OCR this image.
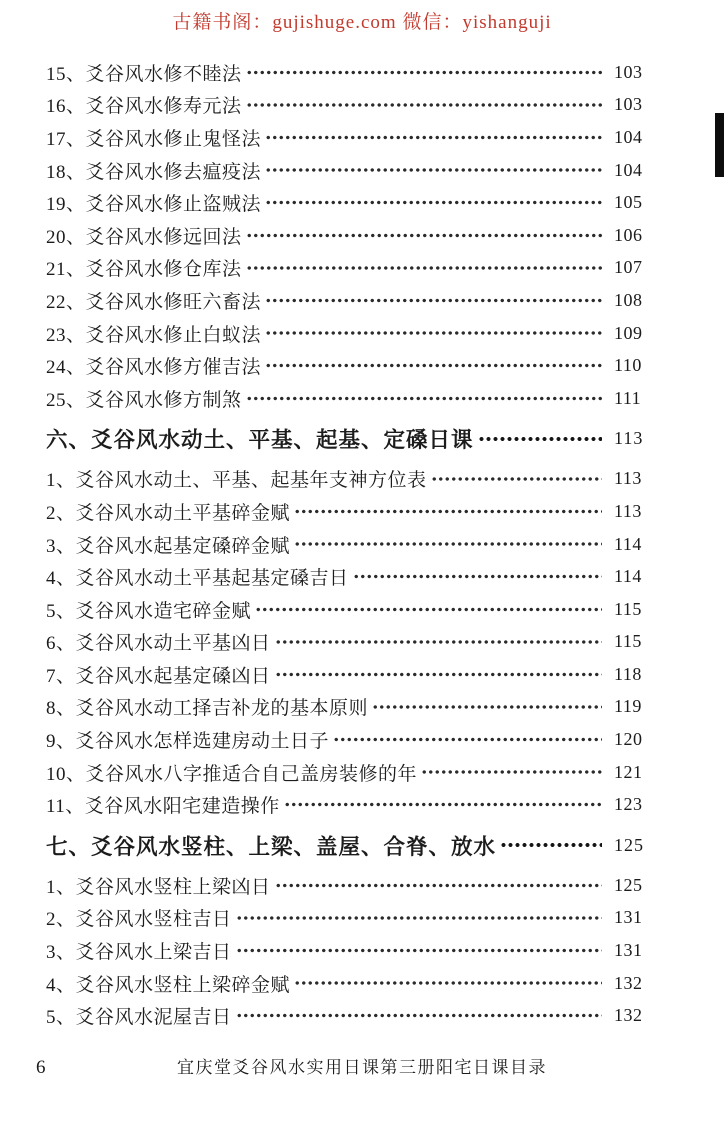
古籍书阁：gujishuge.com 微信：yishanguji
15、爻谷风水修不睦法	103
16、爻谷风水修寿元法	103
17、爻谷风水修止鬼怪法	104
18、爻谷风水修去瘟疫法	104
19、爻谷风水修止盗贼法	105
20、爻谷风水修远回法	106
21、爻谷风水修仓库法	107
22、爻谷风水修旺六畜法	108
23、爻谷风水修止白蚁法	109
24、爻谷风水修方催吉法	110
25、爻谷风水修方制煞	111
六、爻谷风水动土、平基、起基、定磉日课	113
1、爻谷风水动土、平基、起基年支神方位表	113
2、爻谷风水动土平基碎金赋	113
3、爻谷风水起基定磉碎金赋	114
4、爻谷风水动土平基起基定磉吉日	114
5、爻谷风水造宅碎金赋	115
6、爻谷风水动土平基凶日	115
7、爻谷风水起基定磉凶日	118
8、爻谷风水动工择吉补龙的基本原则	119
9、爻谷风水怎样选建房动土日子	120
10、爻谷风水八字推适合自己盖房装修的年	121
11、爻谷风水阳宅建造操作	123
七、爻谷风水竖柱、上梁、盖屋、合脊、放水	125
1、爻谷风水竖柱上梁凶日	125
2、爻谷风水竖柱吉日	131
3、爻谷风水上梁吉日	131
4、爻谷风水竖柱上梁碎金赋	132
5、爻谷风水泥屋吉日	132
6	宜庆堂爻谷风水实用日课第三册阳宅日课目录
